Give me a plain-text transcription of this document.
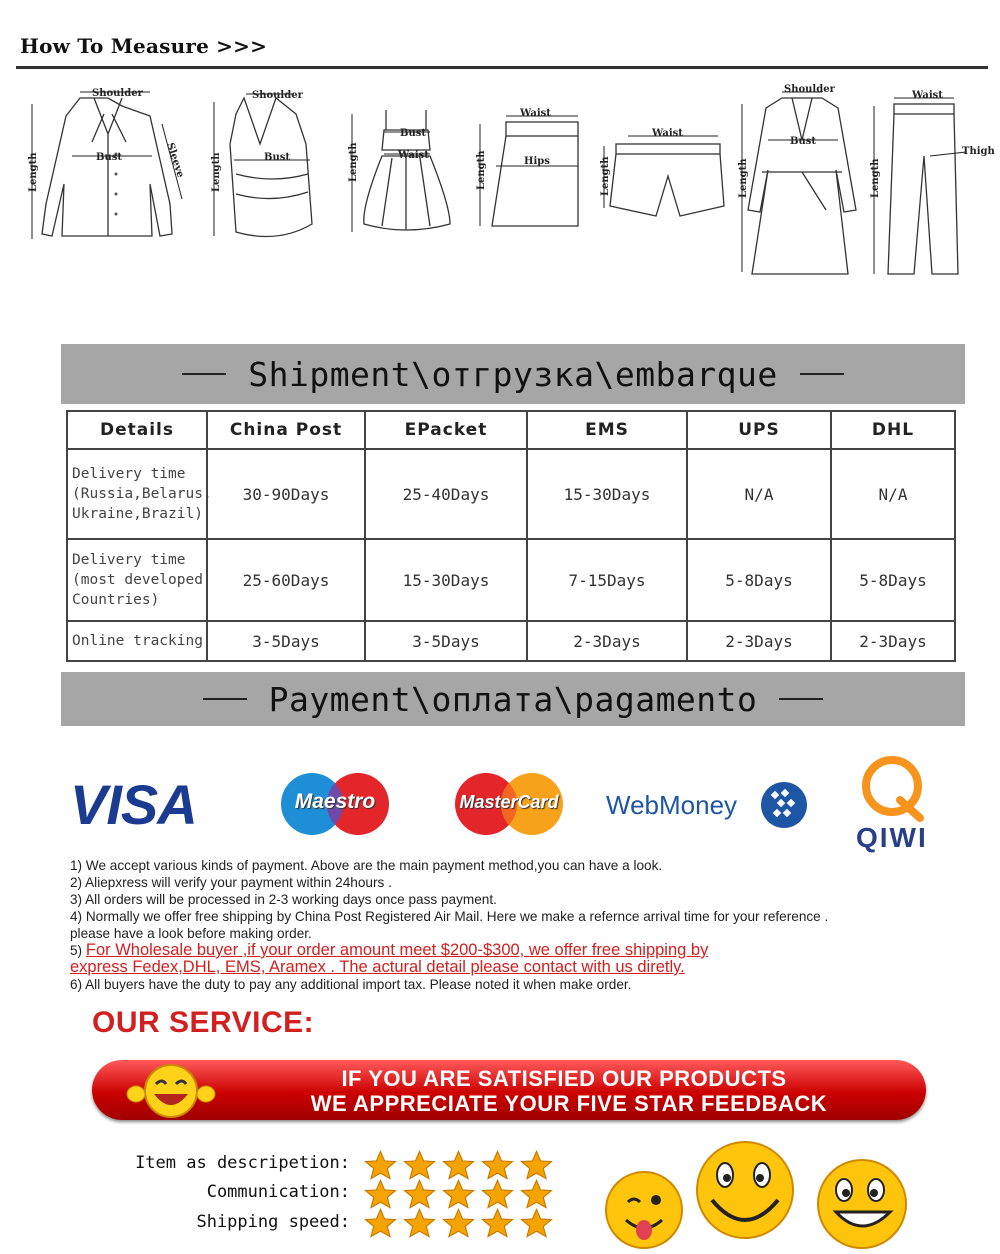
How To Measure >>>
Shoulder
Bust	Sleeve
Length
Shoulder
Bust
Length
Bust
Waist
Length
Waist
Hips
Length
Waist
Length
Shoulder
Bust
Length
Waist
Thigh
Length
Shipment\отгрузка\embarque
Details	China Post	EPacket	EMS	UPS	DHL

Delivery time
(Russia,Belarus,
Ukraine,Brazil)	30-90Days	25-40Days	15-30Days	N/A	N/A

Delivery time
(most developed
Countries)	25-60Days	15-30Days	7-15Days	5-8Days	5-8Days

Online tracking	3-5Days	3-5Days	2-3Days	2-3Days	2-3Days
Payment\оплата\pagamento
VISA	Maestro	MasterCard	WebMoney
QIWI
1) We accept various kinds of payment. Above are the main payment method,you can have a look.
2) Aliepxress will verify your payment within 24hours .
3) All orders will be processed in 2-3 working days once pass payment.
4) Normally we offer free shipping by China Post Registered Air Mail. Here we make a refernce arrival time for your reference .
please have a look before making order.
5) For Wholesale buyer ,if your order amount meet $200-$300, we offer free shipping by
express Fedex,DHL, EMS, Aramex . The actural detail please contact with us diretly.
6) All buyers have the duty to pay any additional import tax. Please noted it when make order.
OUR SERVICE:
IF YOU ARE SATISFIED OUR PRODUCTS
WE APPRECIATE YOUR FIVE STAR FEEDBACK
Item as descripetion:
Communication:
Shipping speed:
